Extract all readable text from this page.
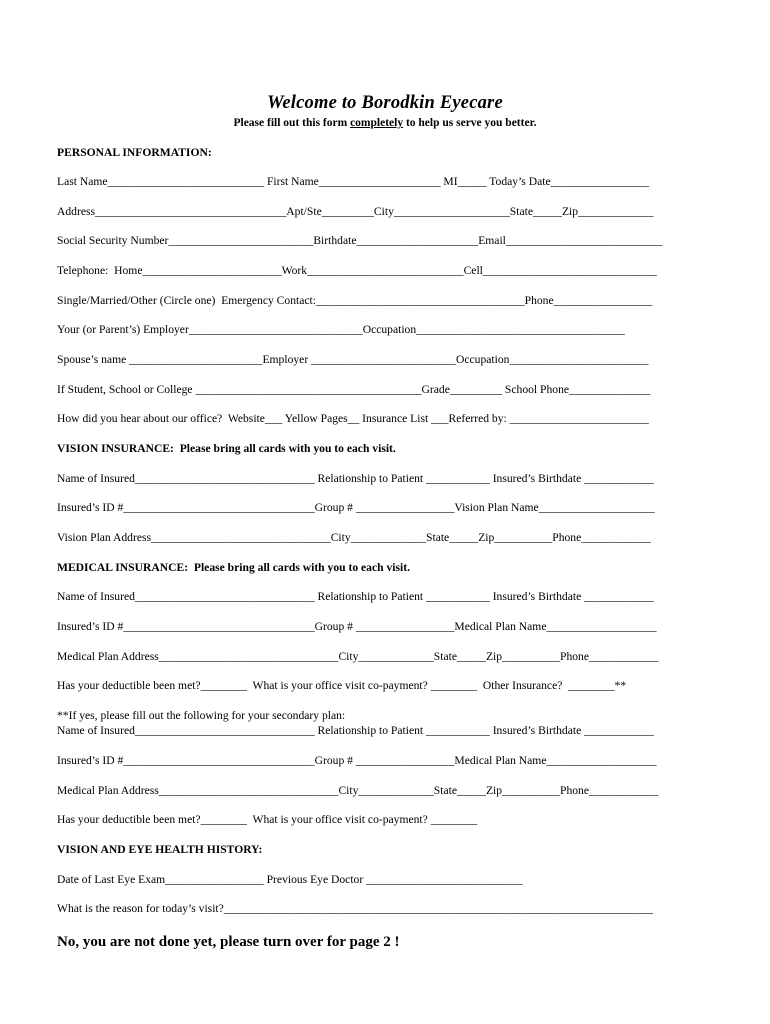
Welcome to Borodkin Eyecare
Please fill out this form completely to help us serve you better.
PERSONAL INFORMATION:
Last Name___________________________ First Name_____________________ MI_____ Today’s Date_________________
Address_________________________________Apt/Ste_________City____________________State_____Zip_____________
Social Security Number_________________________Birthdate_____________________Email___________________________
Telephone:  Home________________________Work___________________________Cell______________________________
Single/Married/Other (Circle one)  Emergency Contact:____________________________________Phone_________________
Your (or Parent’s) Employer______________________________Occupation____________________________________
Spouse’s name _______________________Employer _________________________Occupation________________________
If Student, School or College _______________________________________Grade_________ School Phone______________
How did you hear about our office?  Website___ Yellow Pages__ Insurance List ___Referred by: ________________________
VISION INSURANCE:  Please bring all cards with you to each visit.
Name of Insured_______________________________ Relationship to Patient ___________ Insured’s Birthdate ____________
Insured’s ID #_________________________________Group # _________________Vision Plan Name____________________
Vision Plan Address_______________________________City_____________State_____Zip__________Phone____________
MEDICAL INSURANCE:  Please bring all cards with you to each visit.
Name of Insured_______________________________ Relationship to Patient ___________ Insured’s Birthdate ____________
Insured’s ID #_________________________________Group # _________________Medical Plan Name___________________
Medical Plan Address_______________________________City_____________State_____Zip__________Phone____________
Has your deductible been met?________  What is your office visit co-payment? ________  Other Insurance?  ________**
**If yes, please fill out the following for your secondary plan:
Name of Insured_______________________________ Relationship to Patient ___________ Insured’s Birthdate ____________
Insured’s ID #_________________________________Group # _________________Medical Plan Name___________________
Medical Plan Address_______________________________City_____________State_____Zip__________Phone____________
Has your deductible been met?________  What is your office visit co-payment? ________
VISION AND EYE HEALTH HISTORY:
Date of Last Eye Exam_________________ Previous Eye Doctor ___________________________
What is the reason for today’s visit?__________________________________________________________________________
No, you are not done yet, please turn over for page 2 !
